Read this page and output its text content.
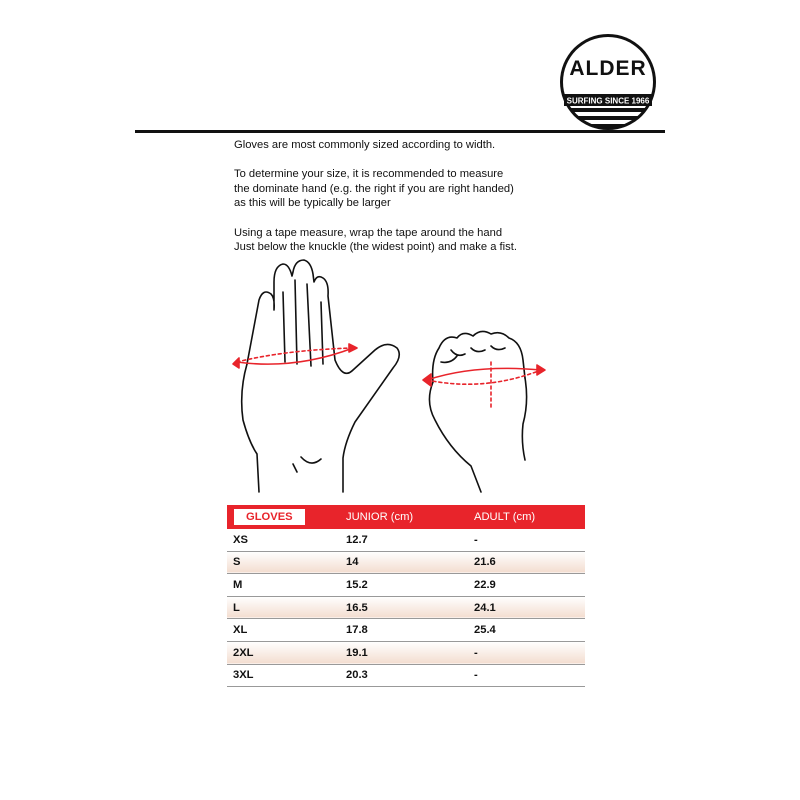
ALDER
SURFING SINCE 1966

Gloves are most commonly sized according to width.

To determine your size, it is recommended to measure
the dominate hand (e.g. the right if you are right handed)
as this will be typically be larger

Using a tape measure, wrap the tape around the hand
Just below the knuckle (the widest point) and make a fist.

GLOVES	JUNIOR (cm)	ADULT (cm)
XS	12.7	-
S	14	21.6
M	15.2	22.9
L	16.5	24.1
XL	17.8	25.4
2XL	19.1	-
3XL	20.3	-
